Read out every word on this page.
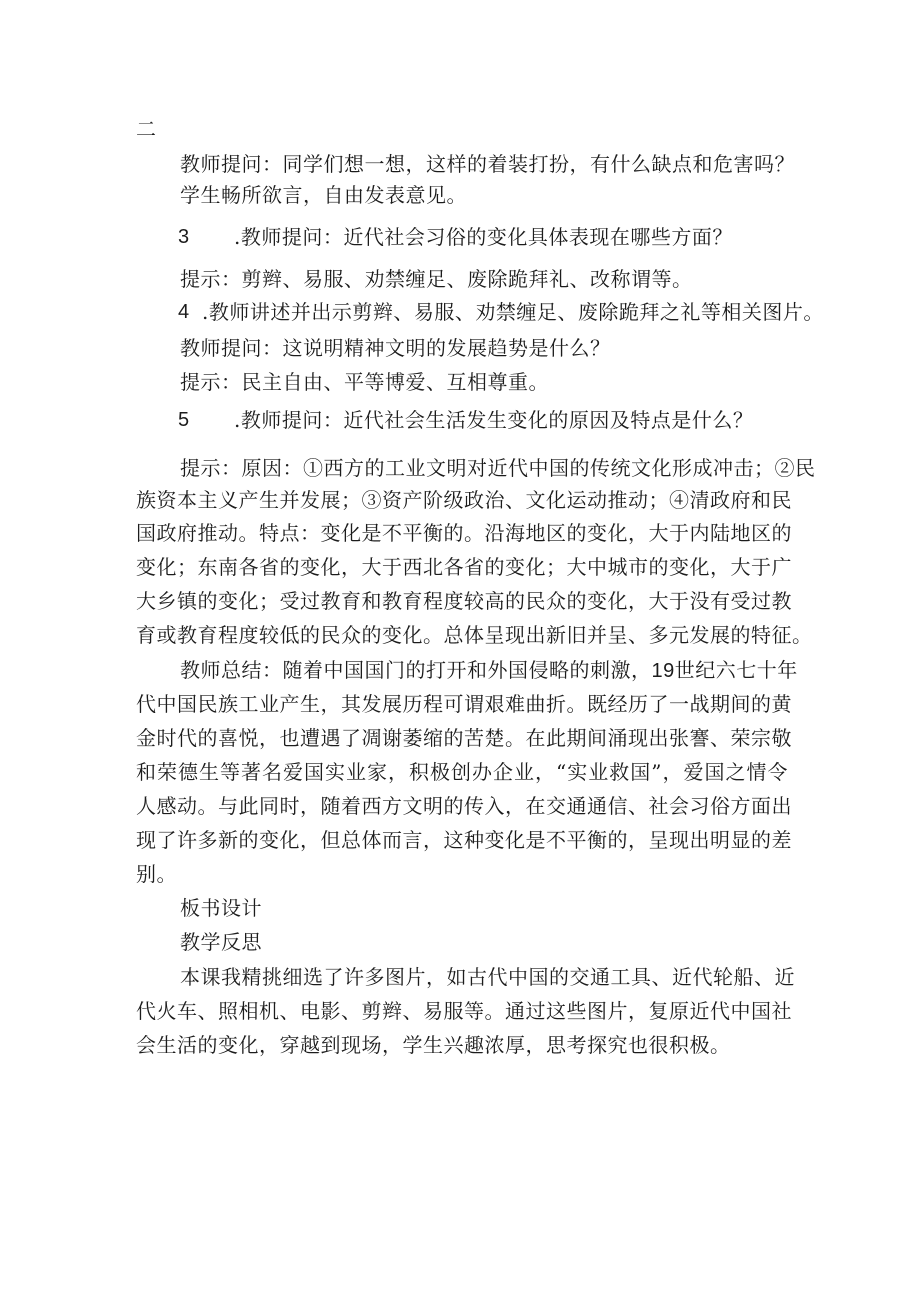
二
教师提问：同学们想一想，这样的着装打扮，有什么缺点和危害吗？
学生畅所欲言，自由发表意见。
3 .教师提问：近代社会习俗的变化具体表现在哪些方面？
提示：剪辫、易服、劝禁缠足、废除跪拜礼、改称谓等。
4 .教师讲述并出示剪辫、易服、劝禁缠足、废除跪拜之礼等相关图片。
教师提问：这说明精神文明的发展趋势是什么？
提示：民主自由、平等博爱、互相尊重。
5 .教师提问：近代社会生活发生变化的原因及特点是什么？
提示：原因：①西方的工业文明对近代中国的传统文化形成冲击；②民
族资本主义产生并发展；③资产阶级政治、文化运动推动；④清政府和民
国政府推动。特点：变化是不平衡的。沿海地区的变化，大于内陆地区的
变化；东南各省的变化，大于西北各省的变化；大中城市的变化，大于广
大乡镇的变化；受过教育和教育程度较高的民众的变化，大于没有受过教
育或教育程度较低的民众的变化。总体呈现出新旧并呈、多元发展的特征。
教师总结：随着中国国门的打开和外国侵略的刺激，19世纪六七十年
代中国民族工业产生，其发展历程可谓艰难曲折。既经历了一战期间的黄
金时代的喜悦，也遭遇了凋谢萎缩的苦楚。在此期间涌现出张謇、荣宗敬
和荣德生等著名爱国实业家，积极创办企业，“实业救国”，爱国之情令
人感动。与此同时，随着西方文明的传入，在交通通信、社会习俗方面出
现了许多新的变化，但总体而言，这种变化是不平衡的，呈现出明显的差
别。
板书设计
教学反思
本课我精挑细选了许多图片，如古代中国的交通工具、近代轮船、近
代火车、照相机、电影、剪辫、易服等。通过这些图片，复原近代中国社
会生活的变化，穿越到现场，学生兴趣浓厚，思考探究也很积极。
